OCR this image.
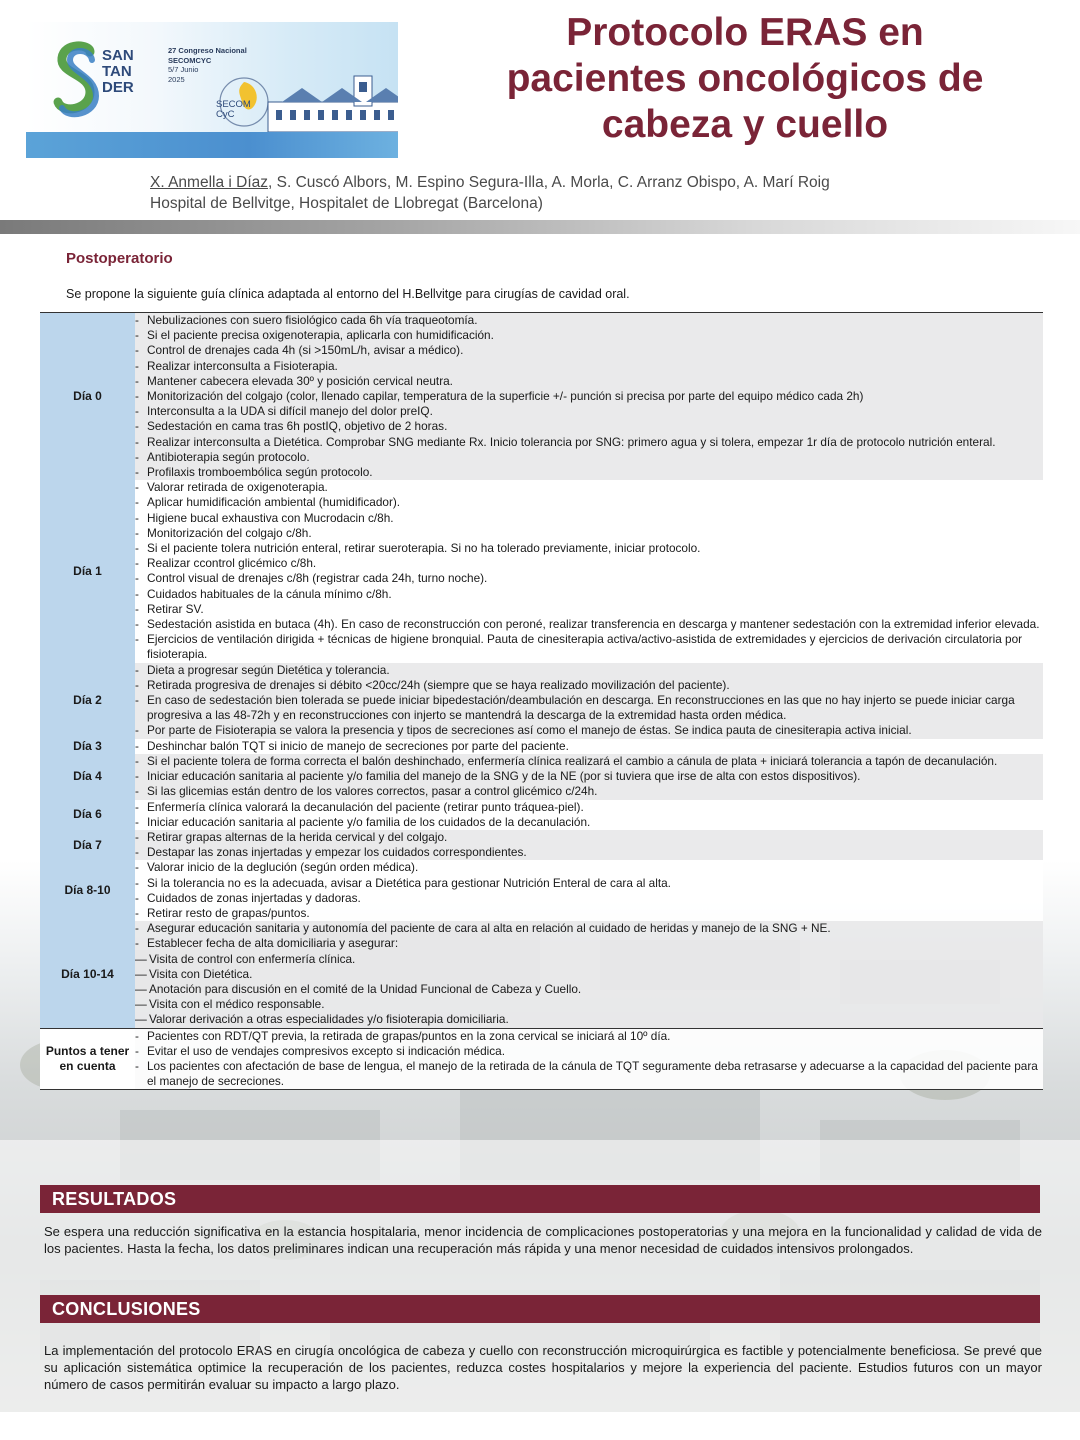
SAN
TAN
DER
27 Congreso Nacional
SECOMCYC
5/7 Junio
2025
SECOM
CyC
Protocolo ERAS en
pacientes oncológicos de
cabeza y cuello
X. Anmella i Díaz, S. Cuscó Albors, M. Espino Segura-Illa, A. Morla, C. Arranz Obispo, A. Marí Roig
Hospital de Bellvitge, Hospitalet de Llobregat (Barcelona)
Postoperatorio
Se propone la siguiente guía clínica adaptada al entorno del H.Bellvitge para cirugías de cavidad oral.
Día 0
- Nebulizaciones con suero fisiológico cada 6h vía traqueotomía.
- Si el paciente precisa oxigenoterapia, aplicarla con humidificación.
- Control de drenajes cada 4h (si >150mL/h, avisar a médico).
- Realizar interconsulta a Fisioterapia.
- Mantener cabecera elevada 30º y posición cervical neutra.
- Monitorización del colgajo (color, llenado capilar, temperatura de la superficie +/- punción si precisa por parte del equipo médico cada 2h)
- Interconsulta a la UDA si difícil manejo del dolor preIQ.
- Sedestación en cama tras 6h postIQ, objetivo de 2 horas.
- Realizar interconsulta a Dietética. Comprobar SNG mediante Rx. Inicio tolerancia por SNG: primero agua y si tolera, empezar 1r día de protocolo nutrición enteral.
- Antibioterapia según protocolo.
- Profilaxis tromboembólica según protocolo.
Día 1
- Valorar retirada de oxigenoterapia.
- Aplicar humidificación ambiental (humidificador).
- Higiene bucal exhaustiva con Mucrodacin c/8h.
- Monitorización del colgajo c/8h.
- Si el paciente tolera nutrición enteral, retirar sueroterapia. Si no ha tolerado previamente, iniciar protocolo.
- Realizar ccontrol glicémico c/8h.
- Control visual de drenajes c/8h (registrar cada 24h, turno noche).
- Cuidados habituales de la cánula mínimo c/8h.
- Retirar SV.
- Sedestación asistida en butaca (4h). En caso de reconstrucción con peroné, realizar transferencia en descarga y mantener sedestación con la extremidad inferior elevada.
- Ejercicios de ventilación dirigida + técnicas de higiene bronquial. Pauta de cinesiterapia activa/activo-asistida de extremidades y ejercicios de derivación circulatoria por fisioterapia.
Día 2
- Dieta a progresar según Dietética y tolerancia.
- Retirada progresiva de drenajes si débito <20cc/24h (siempre que se haya realizado movilización del paciente).
- En caso de sedestación bien tolerada se puede iniciar bipedestación/deambulación en descarga. En reconstrucciones en las que no hay injerto se puede iniciar carga progresiva a las 48-72h y en reconstrucciones con injerto se mantendrá la descarga de la extremidad hasta orden médica.
- Por parte de Fisioterapia se valora la presencia y tipos de secreciones así como el manejo de éstas. Se indica pauta de cinesiterapia activa inicial.
Día 3	- Deshinchar balón TQT si inicio de manejo de secreciones por parte del paciente.
Día 4
- Si el paciente tolera de forma correcta el balón deshinchado, enfermería clínica realizará el cambio a cánula de plata + iniciará tolerancia a tapón de decanulación.
- Iniciar educación sanitaria al paciente y/o familia del manejo de la SNG y de la NE (por si tuviera que irse de alta con estos dispositivos).
- Si las glicemias están dentro de los valores correctos, pasar a control glicémico c/24h.
Día 6
- Enfermería clínica valorará la decanulación del paciente (retirar punto tráquea-piel).
- Iniciar educación sanitaria al paciente y/o familia de los cuidados de la decanulación.
Día 7
- Retirar grapas alternas de la herida cervical y del colgajo.
- Destapar las zonas injertadas y empezar los cuidados correspondientes.
Día 8-10
- Valorar inicio de la deglución (según orden médica).
- Si la tolerancia no es la adecuada, avisar a Dietética para gestionar Nutrición Enteral de cara al alta.
- Cuidados de zonas injertadas y dadoras.
- Retirar resto de grapas/puntos.
Día 10-14
- Asegurar educación sanitaria y autonomía del paciente de cara al alta en relación al cuidado de heridas y manejo de la SNG + NE.
- Establecer fecha de alta domiciliaria y asegurar:
— Visita de control con enfermería clínica.
— Visita con Dietética.
— Anotación para discusión en el comité de la Unidad Funcional de Cabeza y Cuello.
— Visita con el médico responsable.
— Valorar derivación a otras especialidades y/o fisioterapia domiciliaria.
Puntos a tener en cuenta
- Pacientes con RDT/QT previa, la retirada de grapas/puntos en la zona cervical se iniciará al 10º día.
- Evitar el uso de vendajes compresivos excepto si indicación médica.
- Los pacientes con afectación de base de lengua, el manejo de la retirada de la cánula de TQT seguramente deba retrasarse y adecuarse a la capacidad del paciente para el manejo de secreciones.
RESULTADOS
Se espera una reducción significativa en la estancia hospitalaria, menor incidencia de complicaciones postoperatorias y una mejora en la funcionalidad y calidad de vida de los pacientes. Hasta la fecha, los datos preliminares indican una recuperación más rápida y una menor necesidad de cuidados intensivos prolongados.
CONCLUSIONES
La implementación del protocolo ERAS en cirugía oncológica de cabeza y cuello con reconstrucción microquirúrgica es factible y potencialmente beneficiosa. Se prevé que su aplicación sistemática optimice la recuperación de los pacientes, reduzca costes hospitalarios y mejore la experiencia del paciente. Estudios futuros con un mayor número de casos permitirán evaluar su impacto a largo plazo.
